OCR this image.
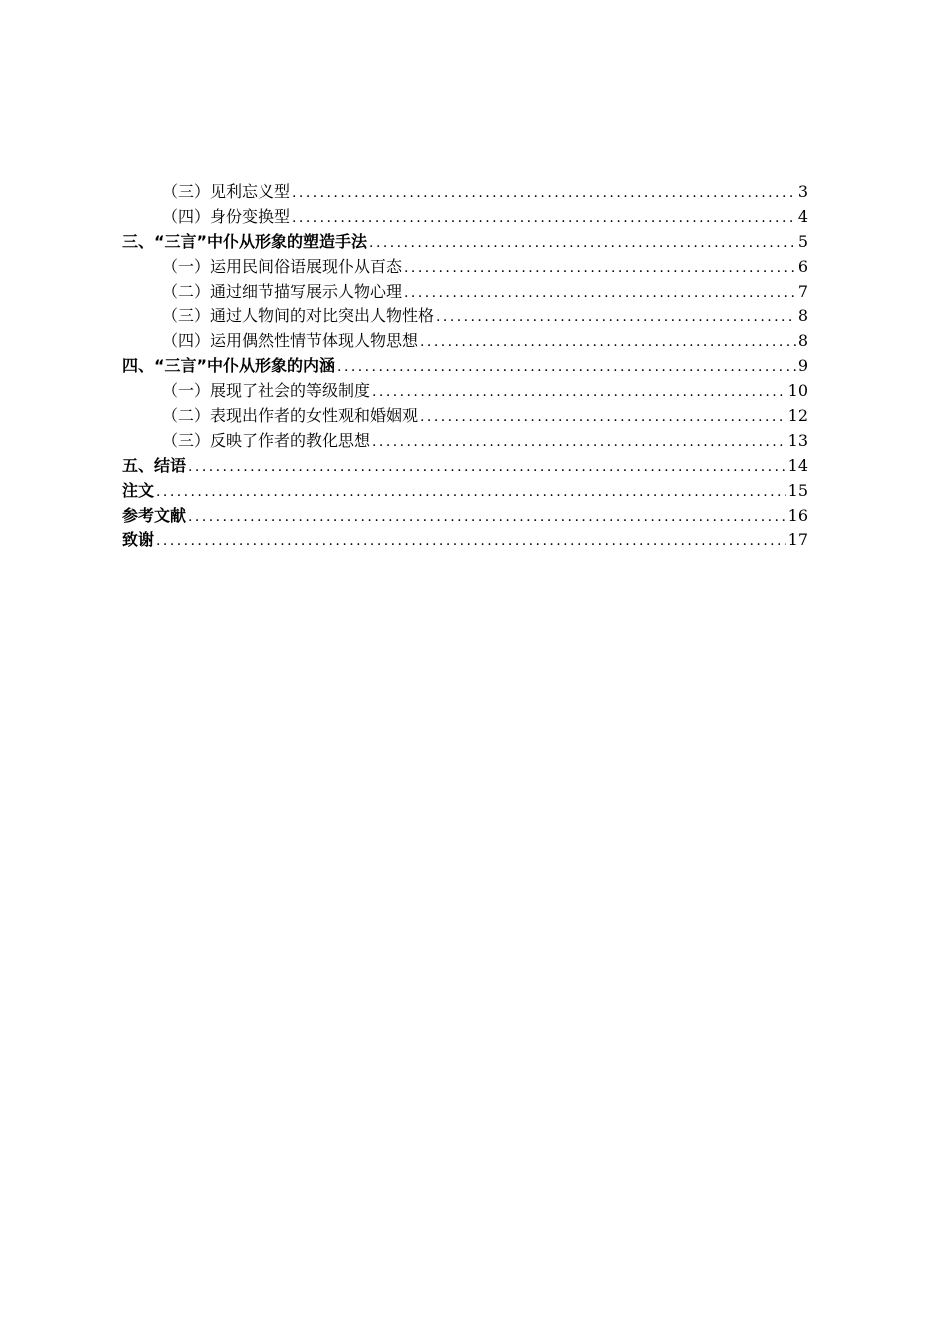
（三）见利忘义型 . . .	3
（四）身份变换型 . . .	4
三、“三言”中仆从形象的塑造手法 . . .	5
（一）运用民间俗语展现仆从百态 . . .	6
（二）通过细节描写展示人物心理 . . .	7
（三）通过人物间的对比突出人物性格 . . .	8
（四）运用偶然性情节体现人物思想 . . .	8
四、“三言”中仆从形象的内涵 . . .	9
（一）展现了社会的等级制度 . . .	10
（二）表现出作者的女性观和婚姻观 . . .	12
（三）反映了作者的教化思想 . . .	13
五、结语 . . .	14
注文 . . .	15
参考文献 . . .	16
致谢 . . .	17
